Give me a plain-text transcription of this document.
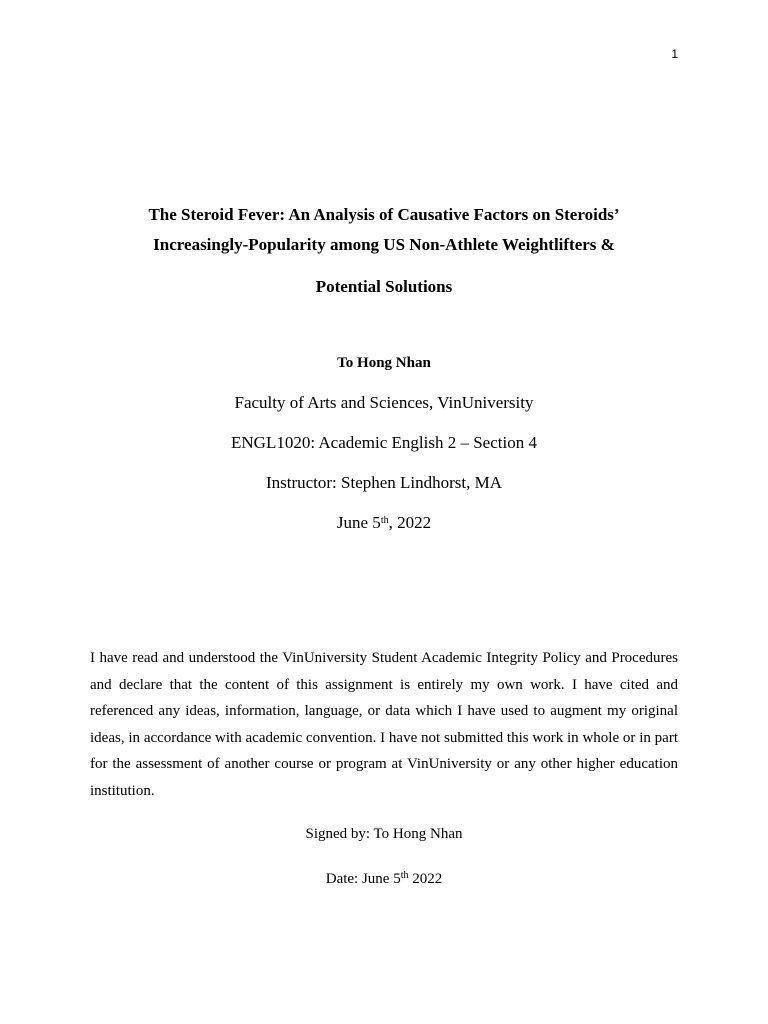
1
The Steroid Fever: An Analysis of Causative Factors on Steroids’
Increasingly-Popularity among US Non-Athlete Weightlifters &
Potential Solutions
To Hong Nhan
Faculty of Arts and Sciences, VinUniversity
ENGL1020: Academic English 2 – Section 4
Instructor: Stephen Lindhorst, MA
June 5th, 2022

I have read and understood the VinUniversity Student Academic Integrity Policy and Procedures and declare that the content of this assignment is entirely my own work. I have cited and referenced any ideas, information, language, or data which I have used to augment my original ideas, in accordance with academic convention. I have not submitted this work in whole or in part for the assessment of another course or program at VinUniversity or any other higher education institution.

Signed by: To Hong Nhan
Date: June 5th 2022
